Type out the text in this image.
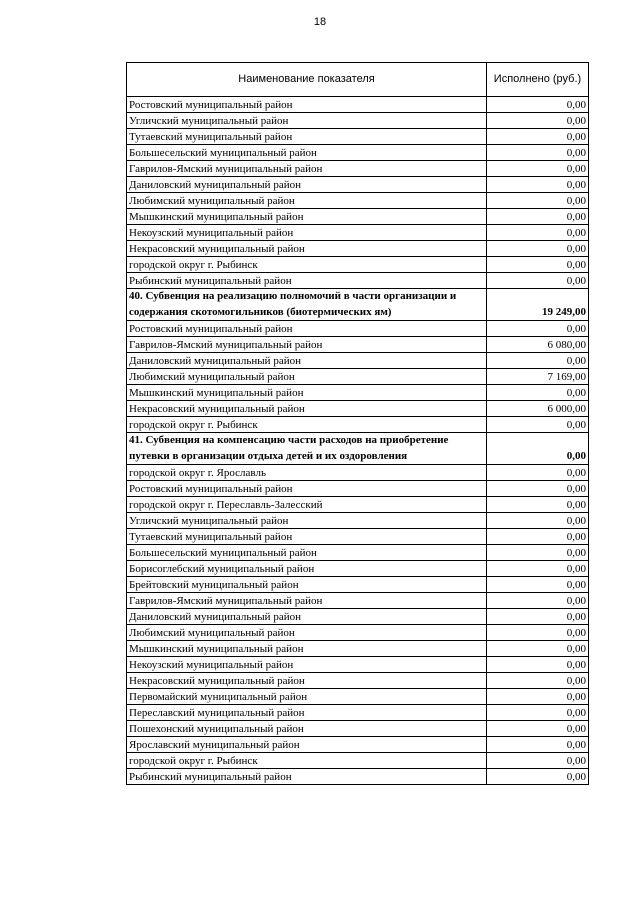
18
Наименование показателя	Исполнено (руб.)
Ростовский муниципальный район	0,00
Угличский муниципальный район	0,00
Тутаевский муниципальный район	0,00
Большесельский муниципальный район	0,00
Гаврилов-Ямский муниципальный район	0,00
Даниловский муниципальный район	0,00
Любимский муниципальный район	0,00
Мышкинский муниципальный район	0,00
Некоузский муниципальный район	0,00
Некрасовский муниципальный район	0,00
городской округ г. Рыбинск	0,00
Рыбинский муниципальный район	0,00
40. Субвенция на реализацию полномочий в части организации и содержания скотомогильников (биотермических ям)	19 249,00
Ростовский муниципальный район	0,00
Гаврилов-Ямский муниципальный район	6 080,00
Даниловский муниципальный район	0,00
Любимский муниципальный район	7 169,00
Мышкинский муниципальный район	0,00
Некрасовский муниципальный район	6 000,00
городской округ г. Рыбинск	0,00
41. Субвенция на компенсацию части расходов на приобретение путевки в организации отдыха детей и их оздоровления	0,00
городской округ г. Ярославль	0,00
Ростовский муниципальный район	0,00
городской округ г. Переславль-Залесский	0,00
Угличский муниципальный район	0,00
Тутаевский муниципальный район	0,00
Большесельский муниципальный район	0,00
Борисоглебский муниципальный район	0,00
Брейтовский муниципальный район	0,00
Гаврилов-Ямский муниципальный район	0,00
Даниловский муниципальный район	0,00
Любимский муниципальный район	0,00
Мышкинский муниципальный район	0,00
Некоузский муниципальный район	0,00
Некрасовский муниципальный район	0,00
Первомайский муниципальный район	0,00
Переславский муниципальный район	0,00
Пошехонский муниципальный район	0,00
Ярославский муниципальный район	0,00
городской округ г. Рыбинск	0,00
Рыбинский муниципальный район	0,00
